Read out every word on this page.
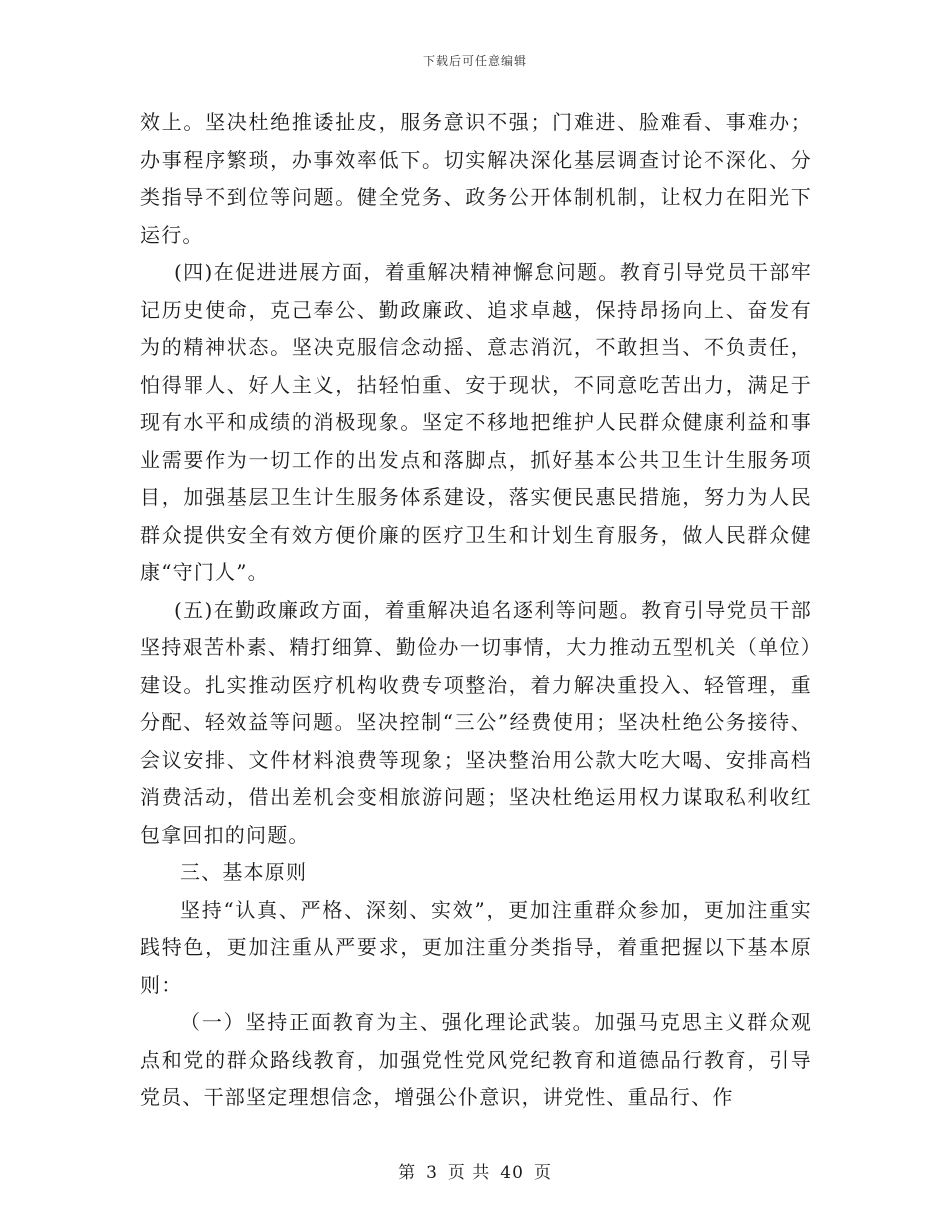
下载后可任意编辑

效上。坚决杜绝推诿扯皮，服务意识不强；门难进、脸难看、事难办；办事程序繁琐，办事效率低下。切实解决深化基层调查讨论不深化、分类指导不到位等问题。健全党务、政务公开体制机制，让权力在阳光下运行。

(四)在促进进展方面，着重解决精神懈怠问题。教育引导党员干部牢记历史使命，克己奉公、勤政廉政、追求卓越，保持昂扬向上、奋发有为的精神状态。坚决克服信念动摇、意志消沉，不敢担当、不负责任，怕得罪人、好人主义，拈轻怕重、安于现状，不同意吃苦出力，满足于现有水平和成绩的消极现象。坚定不移地把维护人民群众健康利益和事业需要作为一切工作的出发点和落脚点，抓好基本公共卫生计生服务项目，加强基层卫生计生服务体系建设，落实便民惠民措施，努力为人民群众提供安全有效方便价廉的医疗卫生和计划生育服务，做人民群众健康“守门人”。

(五)在勤政廉政方面，着重解决追名逐利等问题。教育引导党员干部坚持艰苦朴素、精打细算、勤俭办一切事情，大力推动五型机关（单位）建设。扎实推动医疗机构收费专项整治，着力解决重投入、轻管理，重分配、轻效益等问题。坚决控制“三公”经费使用；坚决杜绝公务接待、会议安排、文件材料浪费等现象；坚决整治用公款大吃大喝、安排高档消费活动，借出差机会变相旅游问题；坚决杜绝运用权力谋取私利收红包拿回扣的问题。

三、基本原则

坚持“认真、严格、深刻、实效”，更加注重群众参加，更加注重实践特色，更加注重从严要求，更加注重分类指导，着重把握以下基本原则：

（一）坚持正面教育为主、强化理论武装。加强马克思主义群众观点和党的群众路线教育，加强党性党风党纪教育和道德品行教育，引导党员、干部坚定理想信念，增强公仆意识，讲党性、重品行、作

第 3 页 共 40 页
